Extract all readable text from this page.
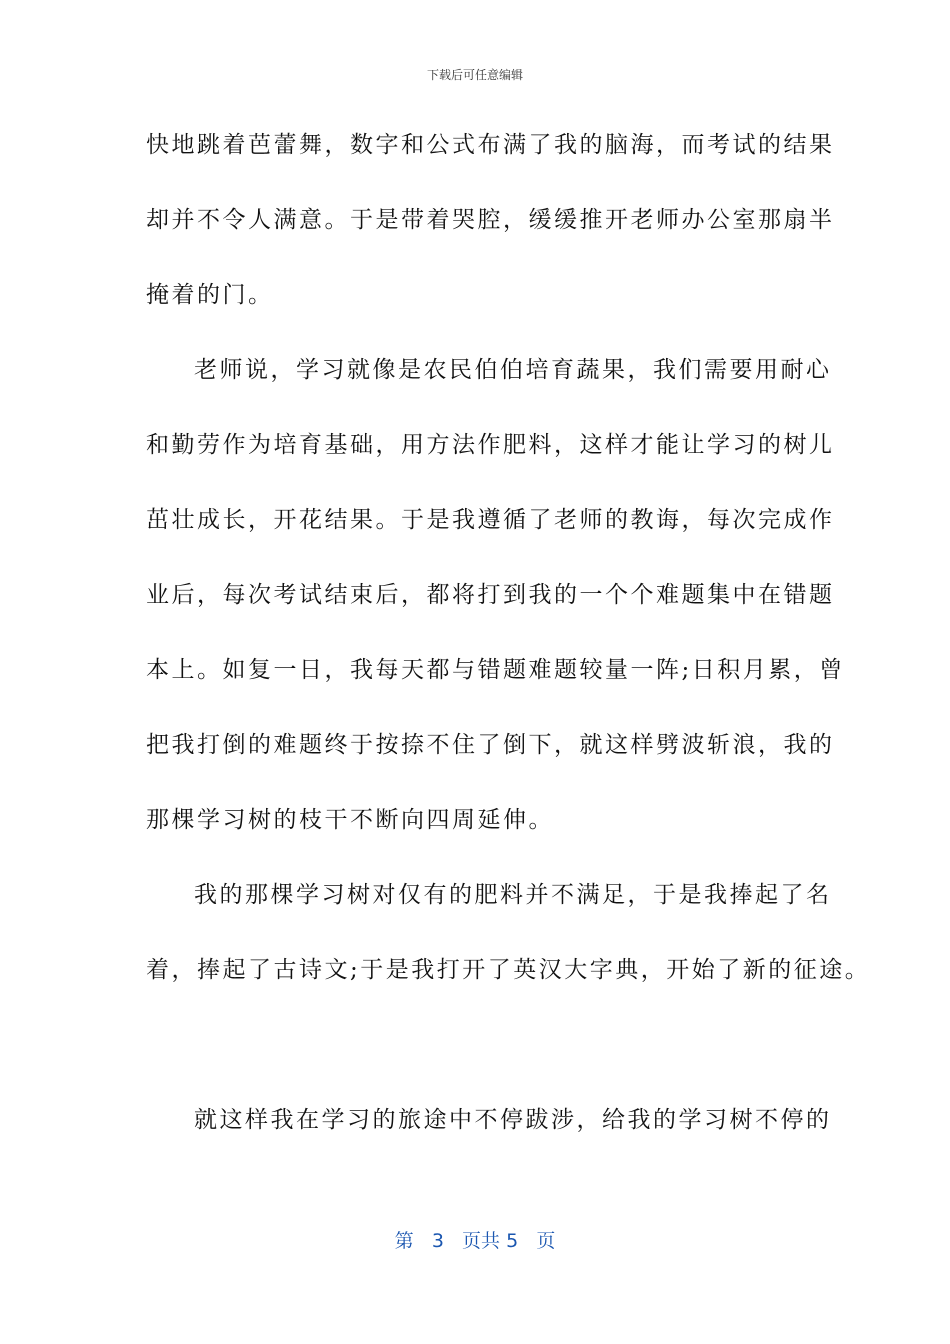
下载后可任意编辑
快地跳着芭蕾舞，数字和公式布满了我的脑海，而考试的结果
却并不令人满意。于是带着哭腔，缓缓推开老师办公室那扇半
掩着的门。
老师说，学习就像是农民伯伯培育蔬果，我们需要用耐心
和勤劳作为培育基础，用方法作肥料，这样才能让学习的树儿
茁壮成长，开花结果。于是我遵循了老师的教诲，每次完成作
业后，每次考试结束后，都将打到我的一个个难题集中在错题
本上。如复一日，我每天都与错题难题较量一阵;日积月累，曾
把我打倒的难题终于按捺不住了倒下，就这样劈波斩浪，我的
那棵学习树的枝干不断向四周延伸。
我的那棵学习树对仅有的肥料并不满足，于是我捧起了名
着，捧起了古诗文;于是我打开了英汉大字典，开始了新的征途。
就这样我在学习的旅途中不停跋涉，给我的学习树不停的
第 3 页共 5 页
